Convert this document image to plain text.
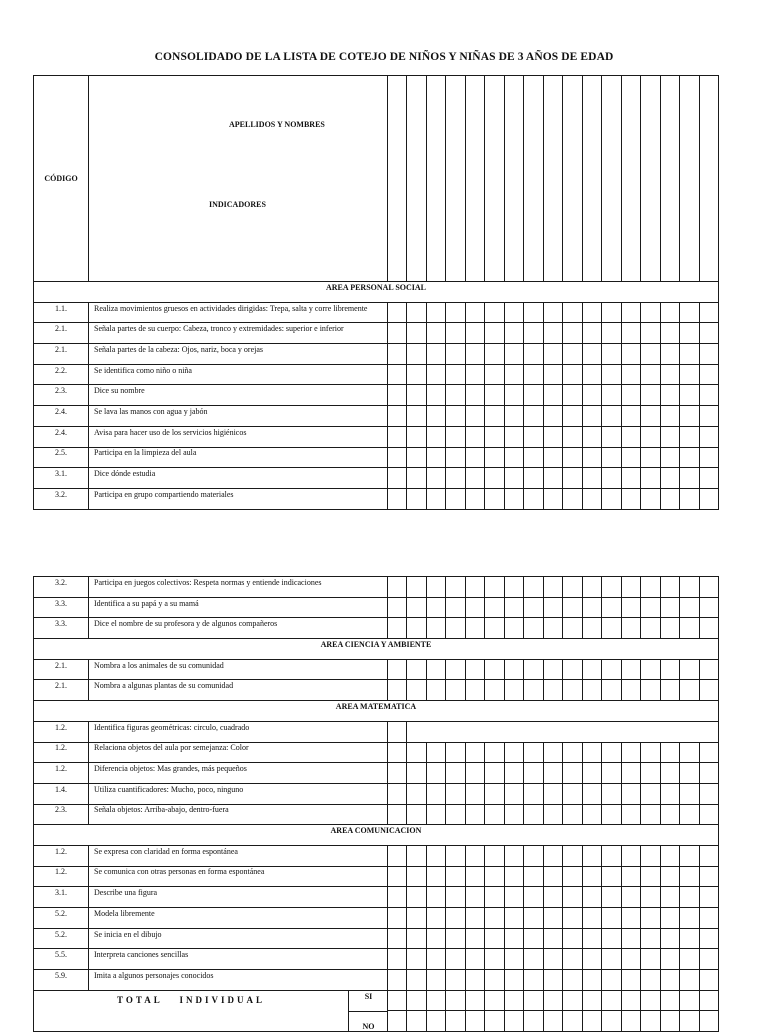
CONSOLIDADO DE LA LISTA DE COTEJO DE NIÑOS Y NIÑAS DE 3 AÑOS DE EDAD
CÓDIGO	APELLIDOS Y NOMBRES
INDICADORES																	

AREA PERSONAL SOCIAL																		
1.1.	Realiza movimientos gruesos en actividades dirigidas: Trepa, salta y corre libremente																	
2.1.	Señala partes de su cuerpo: Cabeza, tronco y extremidades: superior e inferior																	
2.1.	Señala partes de la cabeza: Ojos, nariz, boca y orejas																	
2.2.	Se identifica como niño o niña																	
2.3.	Dice su nombre																	
2.4.	Se lava las manos con agua y jabón																	
2.4.	Avisa para hacer uso de los servicios higiénicos																	
2.5.	Participa en la limpieza del aula																	
3.1.	Dice dónde estudia																	
3.2.	Participa en grupo compartiendo materiales																	
3.2.	Participa en juegos colectivos: Respeta normas y entiende indicaciones																	
3.3.	Identifica a su papá y a su mamá																	
3.3.	Dice el nombre de su profesora y de algunos compañeros																	
AREA CIENCIA Y AMBIENTE																		
2.1.	Nombra a los animales de su comunidad																	
2.1.	Nombra a algunas plantas de su comunidad																	
AREA MATEMATICA																		
1.2.	Identifica figuras geométricas: circulo, cuadrado																	
1.2.	Relaciona objetos del aula por semejanza: Color																	
1.2.	Diferencia objetos: Mas grandes, más pequeños																	
1.4.	Utiliza cuantificadores: Mucho, poco, ninguno																	
2.3.	Señala objetos: Arriba-abajo, dentro-fuera																	
AREA COMUNICACION																		
1.2.	Se expresa con claridad en forma espontánea																	
1.2.	Se comunica con otras personas en forma espontánea																	
3.1.	Describe una figura																	
5.2.	Modela libremente																	
5.2.	Se inicia en el dibujo																	
5.5.	Interpreta canciones sencillas																	
5.9.	Imita a algunos personajes conocidos																	

TOTAL INDIVIDUAL SI
NO																		
